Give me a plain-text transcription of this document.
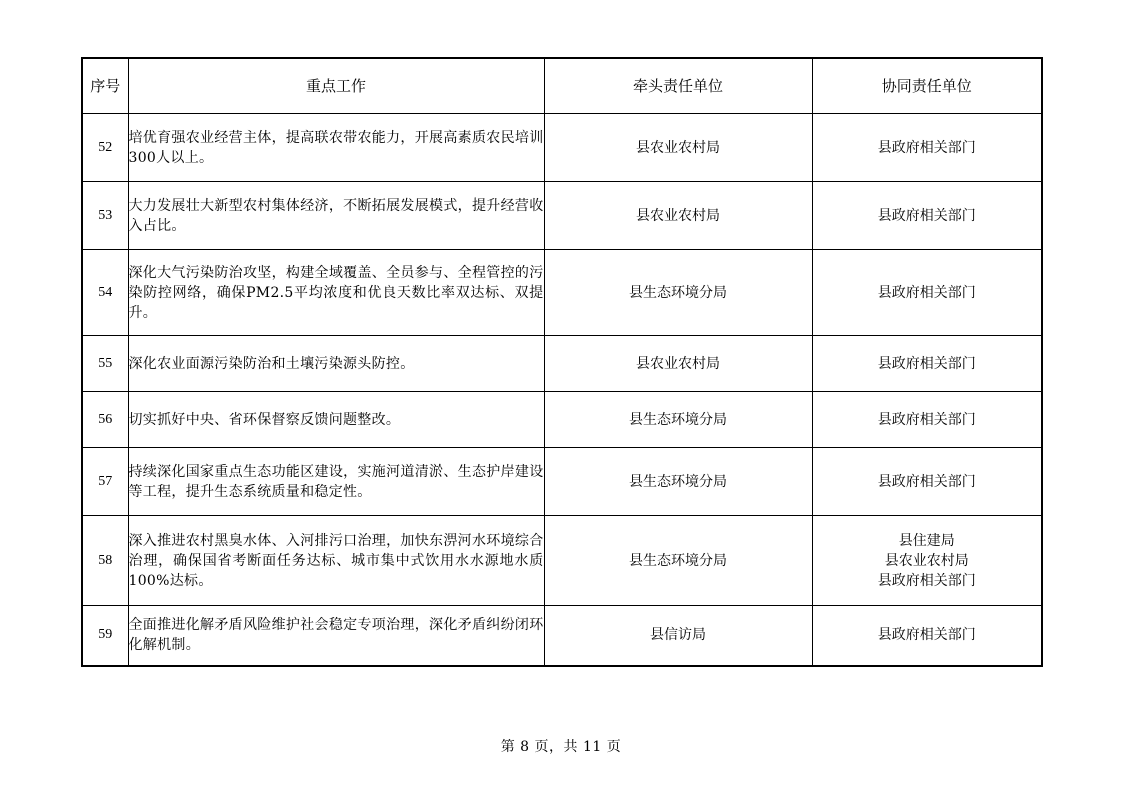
序号	重点工作	牵头责任单位	协同责任单位
52	培优育强农业经营主体，提高联农带农能力，开展高素质农民培训300人以上。	县农业农村局	县政府相关部门

53	大力发展壮大新型农村集体经济，不断拓展发展模式，提升经营收入占比。	县农业农村局	县政府相关部门

54	深化大气污染防治攻坚，构建全域覆盖、全员参与、全程管控的污染防控网络，确保PM2.5平均浓度和优良天数比率双达标、双提升。	县生态环境分局	县政府相关部门

55	深化农业面源污染防治和土壤污染源头防控。	县农业农村局	县政府相关部门

56	切实抓好中央、省环保督察反馈问题整改。	县生态环境分局	县政府相关部门

57	持续深化国家重点生态功能区建设，实施河道清淤、生态护岸建设等工程，提升生态系统质量和稳定性。	县生态环境分局	县政府相关部门

58	深入推进农村黑臭水体、入河排污口治理，加快东淠河水环境综合治理，确保国省考断面任务达标、城市集中式饮用水水源地水质100%达标。	县生态环境分局	县住建局
县农业农村局
县政府相关部门

59	全面推进化解矛盾风险维护社会稳定专项治理，深化矛盾纠纷闭环化解机制。	县信访局	县政府相关部门
第 8 页，共 11 页
